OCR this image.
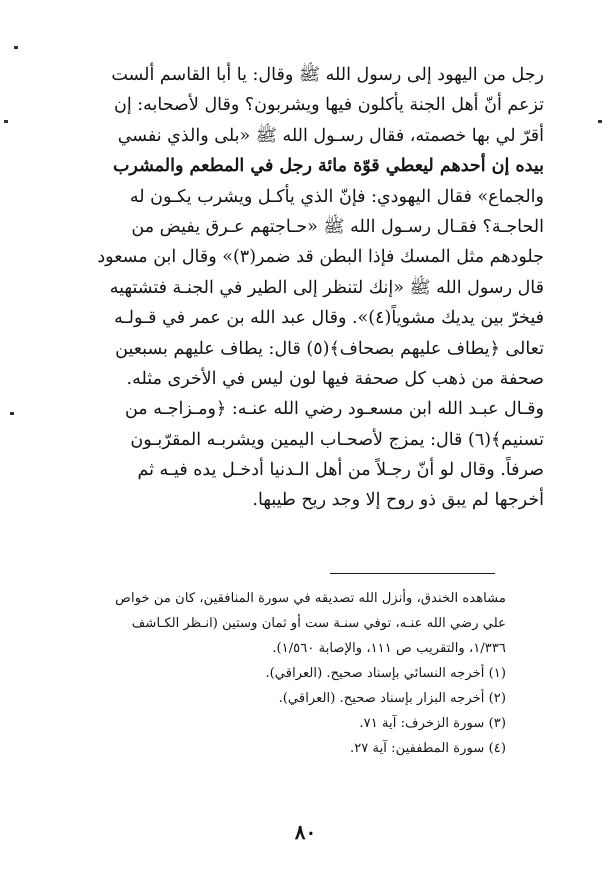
رجل من اليهود إلى رسول الله ﷺ وقال: يا أبا القاسم ألست
تزعم أنّ أهل الجنة يأكلون فيها ويشربون؟ وقال لأصحابه: إن
أقرّ لي بها خصمته، فقال رسـول الله ﷺ «بلى والذي نفسي
بيده إن أحدهم ليعطي قوّة مائة رجل في المطعم والمشرب
والجماع» فقال اليهودي: فإنّ الذي يأكـل ويشرب يكـون له
الحاجـة؟ فقـال رسـول الله ﷺ «حـاجتهم عـرق يفيض من
جلودهم مثل المسك فإذا البطن قد ضمر(٣)» وقال ابن مسعود
قال رسول الله ﷺ «إنك لتنظر إلى الطير في الجنـة فتشتهيه
فيخرّ بين يديك مشوياً(٤)». وقال عبد الله بن عمر في قـولـه
تعالى ﴿يطاف عليهم بصحاف﴾(٥) قال: يطاف عليهم بسبعين
صحفة من ذهب كل صحفة فيها لون ليس في الأخرى مثله.
وقـال عبـد الله ابن مسعـود رضي الله عنـه: ﴿ومـزاجـه من
تسنيم﴾(٦) قال: يمزج لأصحـاب اليمين ويشربـه المقرّبـون
صرفاً. وقال لو أنّ رجـلاً من أهل الـدنيا أدخـل يده فيـه ثم
أخرجها لم يبق ذو روح إلا وجد ريح طيبها.
مشاهده الخندق، وأنزل الله تصديقه في سورة المنافقين، كان من خواص
علي رضي الله عنـه، توفي سنـة ست أو ثمان وستين (انـظر الكـاشف
١/٣٣٦، والتقريب ص ١١١، والإصابة ١/٥٦٠).
(١) أخرجه النسائي بإسناد صحيح. (العراقي).
(٢) أخرجه البزار بإسناد صحيح. (العراقي).
(٣) سورة الزخرف: آية ٧١.
(٤) سورة المطففين: آية ٢٧.
٨٠
